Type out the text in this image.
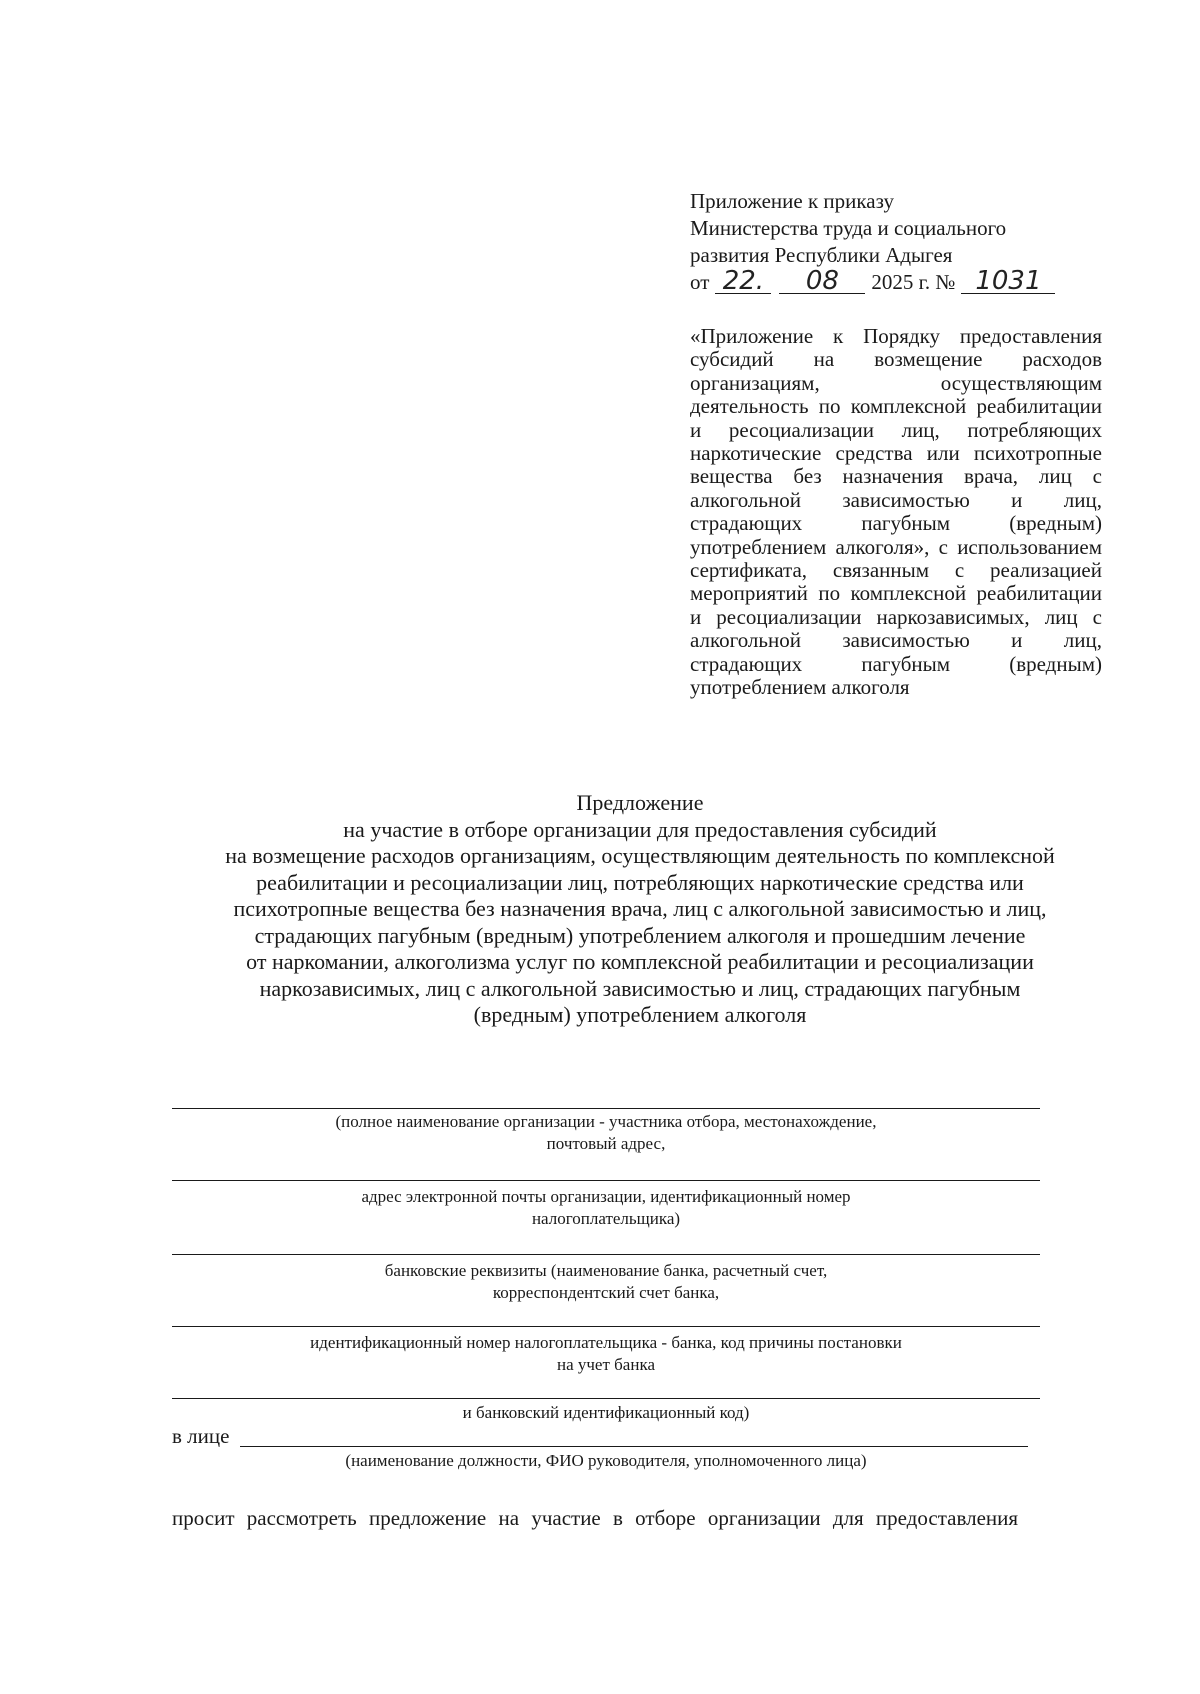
Приложение к приказу
Министерства труда и социального
развития Республики Адыгея
от 22.	08	2025 г. № 1031
«Приложение к Порядку предоставления субсидий на возмещение расходов организациям, осуществляющим деятельность по комплексной реабилитации и ресоциализации лиц, потребляющих наркотические средства или психотропные вещества без назначения врача, лиц с алкогольной зависимостью и лиц, страдающих пагубным (вредным) употреблением алкоголя», с использованием сертификата, связанным с реализацией мероприятий по комплексной реабилитации и ресоциализации наркозависимых, лиц с алкогольной зависимостью и лиц, страдающих пагубным (вредным) употреблением алкоголя
Предложение
на участие в отборе организации для предоставления субсидий
на возмещение расходов организациям, осуществляющим деятельность по комплексной
реабилитации и ресоциализации лиц, потребляющих наркотические средства или
психотропные вещества без назначения врача, лиц с алкогольной зависимостью и лиц,
страдающих пагубным (вредным) употреблением алкоголя и прошедшим лечение
от наркомании, алкоголизма услуг по комплексной реабилитации и ресоциализации
наркозависимых, лиц с алкогольной зависимостью и лиц, страдающих пагубным
(вредным) употреблением алкоголя
(полное наименование организации - участника отбора, местонахождение,
почтовый адрес,
адрес электронной почты организации, идентификационный номер
налогоплательщика)
банковские реквизиты (наименование банка, расчетный счет,
корреспондентский счет банка,
идентификационный номер налогоплательщика - банка, код причины постановки
на учет банка
и банковский идентификационный код)
в лице
(наименование должности, ФИО руководителя, уполномоченного лица)
просит рассмотреть предложение на участие в отборе организации для предоставления
